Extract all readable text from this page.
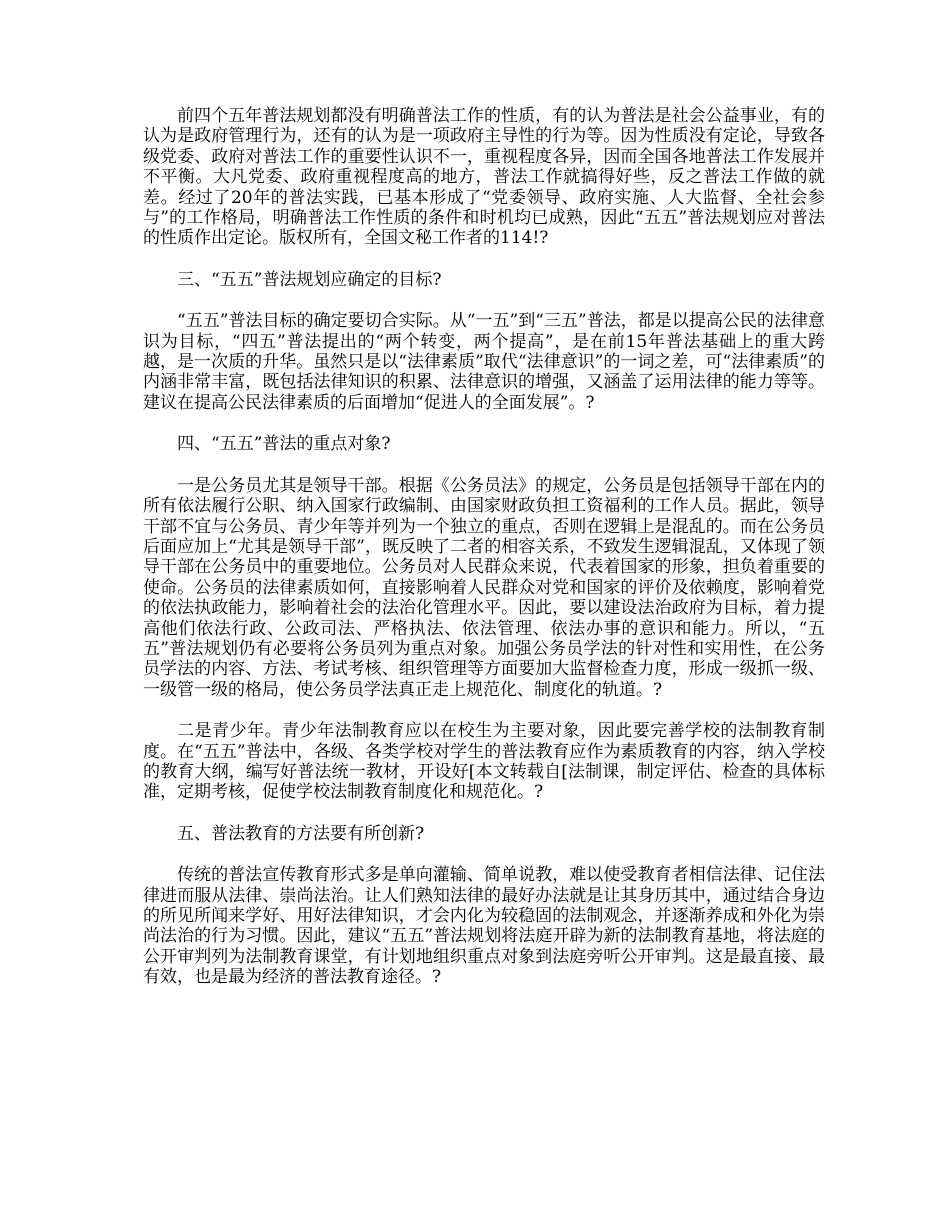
前四个五年普法规划都没有明确普法工作的性质，有的认为普法是社会公益事业，有的认为是政府管理行为，还有的认为是一项政府主导性的行为等。因为性质没有定论，导致各级党委、政府对普法工作的重要性认识不一，重视程度各异，因而全国各地普法工作发展并不平衡。大凡党委、政府重视程度高的地方，普法工作就搞得好些，反之普法工作做的就差。经过了20年的普法实践，已基本形成了“党委领导、政府实施、人大监督、全社会参与”的工作格局，明确普法工作性质的条件和时机均已成熟，因此“五五”普法规划应对普法的性质作出定论。版权所有，全国文秘工作者的114!?

三、“五五”普法规划应确定的目标?

“五五”普法目标的确定要切合实际。从“一五”到“三五”普法，都是以提高公民的法律意识为目标，“四五”普法提出的“两个转变，两个提高”，是在前15年普法基础上的重大跨越，是一次质的升华。虽然只是以“法律素质”取代“法律意识”的一词之差，可“法律素质”的内涵非常丰富，既包括法律知识的积累、法律意识的增强，又涵盖了运用法律的能力等等。建议在提高公民法律素质的后面增加“促进人的全面发展”。?

四、“五五”普法的重点对象?

一是公务员尤其是领导干部。根据《公务员法》的规定，公务员是包括领导干部在内的所有依法履行公职、纳入国家行政编制、由国家财政负担工资福利的工作人员。据此，领导干部不宜与公务员、青少年等并列为一个独立的重点，否则在逻辑上是混乱的。而在公务员后面应加上“尤其是领导干部”，既反映了二者的相容关系，不致发生逻辑混乱，又体现了领导干部在公务员中的重要地位。公务员对人民群众来说，代表着国家的形象，担负着重要的使命。公务员的法律素质如何，直接影响着人民群众对党和国家的评价及依赖度，影响着党的依法执政能力，影响着社会的法治化管理水平。因此，要以建设法治政府为目标，着力提高他们依法行政、公政司法、严格执法、依法管理、依法办事的意识和能力。所以，“五五”普法规划仍有必要将公务员列为重点对象。加强公务员学法的针对性和实用性，在公务员学法的内容、方法、考试考核、组织管理等方面要加大监督检查力度，形成一级抓一级、一级管一级的格局，使公务员学法真正走上规范化、制度化的轨道。?

二是青少年。青少年法制教育应以在校生为主要对象，因此要完善学校的法制教育制度。在“五五”普法中，各级、各类学校对学生的普法教育应作为素质教育的内容，纳入学校的教育大纲，编写好普法统一教材，开设好[本文转载自[法制课，制定评估、检查的具体标准，定期考核，促使学校法制教育制度化和规范化。?

五、普法教育的方法要有所创新?

传统的普法宣传教育形式多是单向灌输、简单说教，难以使受教育者相信法律、记住法律进而服从法律、崇尚法治。让人们熟知法律的最好办法就是让其身历其中，通过结合身边的所见所闻来学好、用好法律知识，才会内化为较稳固的法制观念，并逐渐养成和外化为崇尚法治的行为习惯。因此，建议“五五”普法规划将法庭开辟为新的法制教育基地，将法庭的公开审判列为法制教育课堂，有计划地组织重点对象到法庭旁听公开审判。这是最直接、最有效，也是最为经济的普法教育途径。?
